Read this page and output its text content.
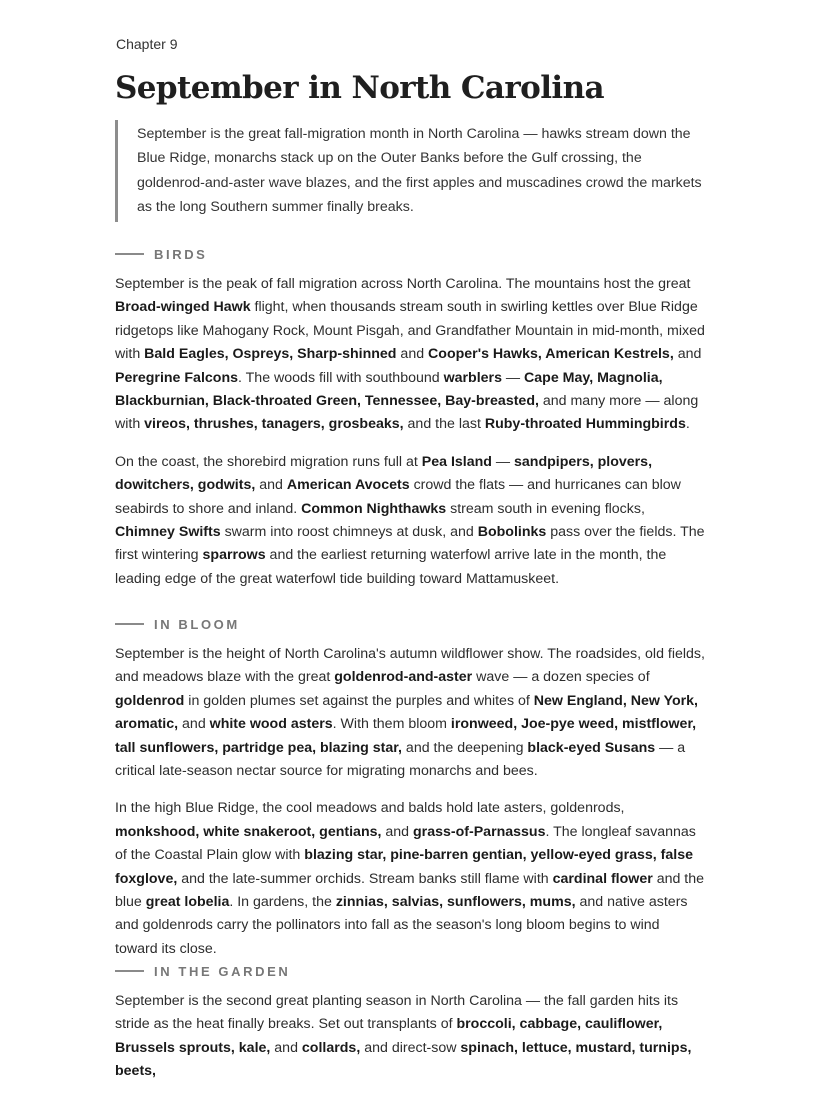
Chapter 9
September in North Carolina
September is the great fall-migration month in North Carolina — hawks stream down the Blue Ridge, monarchs stack up on the Outer Banks before the Gulf crossing, the goldenrod-and-aster wave blazes, and the first apples and muscadines crowd the markets as the long Southern summer finally breaks.
BIRDS

September is the peak of fall migration across North Carolina. The mountains host the great Broad-winged Hawk flight, when thousands stream south in swirling kettles over Blue Ridge ridgetops like Mahogany Rock, Mount Pisgah, and Grandfather Mountain in mid-month, mixed with Bald Eagles, Ospreys, Sharp-shinned and Cooper's Hawks, American Kestrels, and Peregrine Falcons. The woods fill with southbound warblers — Cape May, Magnolia, Blackburnian, Black-throated Green, Tennessee, Bay-breasted, and many more — along with vireos, thrushes, tanagers, grosbeaks, and the last Ruby-throated Hummingbirds.

On the coast, the shorebird migration runs full at Pea Island — sandpipers, plovers, dowitchers, godwits, and American Avocets crowd the flats — and hurricanes can blow seabirds to shore and inland. Common Nighthawks stream south in evening flocks, Chimney Swifts swarm into roost chimneys at dusk, and Bobolinks pass over the fields. The first wintering sparrows and the earliest returning waterfowl arrive late in the month, the leading edge of the great waterfowl tide building toward Mattamuskeet.

IN BLOOM

September is the height of North Carolina's autumn wildflower show. The roadsides, old fields, and meadows blaze with the great goldenrod-and-aster wave — a dozen species of goldenrod in golden plumes set against the purples and whites of New England, New York, aromatic, and white wood asters. With them bloom ironweed, Joe-pye weed, mistflower, tall sunflowers, partridge pea, blazing star, and the deepening black-eyed Susans — a critical late-season nectar source for migrating monarchs and bees.

In the high Blue Ridge, the cool meadows and balds hold late asters, goldenrods, monkshood, white snakeroot, gentians, and grass-of-Parnassus. The longleaf savannas of the Coastal Plain glow with blazing star, pine-barren gentian, yellow-eyed grass, false foxglove, and the late-summer orchids. Stream banks still flame with cardinal flower and the blue great lobelia. In gardens, the zinnias, salvias, sunflowers, mums, and native asters and goldenrods carry the pollinators into fall as the season's long bloom begins to wind toward its close.

IN THE GARDEN

September is the second great planting season in North Carolina — the fall garden hits its stride as the heat finally breaks. Set out transplants of broccoli, cabbage, cauliflower, Brussels sprouts, kale, and collards, and direct-sow spinach, lettuce, mustard, turnips, beets,
